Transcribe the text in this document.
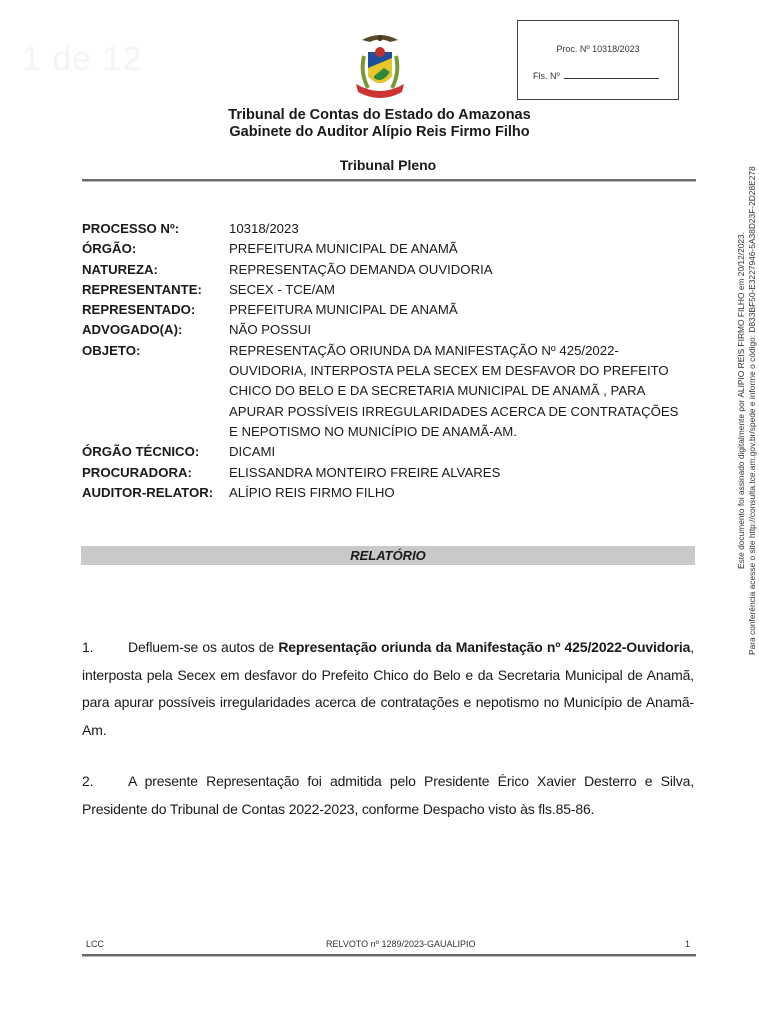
1 de 12	Proc. Nº 10318/2023
Fls. Nº
Tribunal de Contas do Estado do Amazonas
Gabinete do Auditor Alípio Reis Firmo Filho
Tribunal Pleno
PROCESSO Nº:	10318/2023
ÓRGÃO:	PREFEITURA MUNICIPAL DE ANAMÃ
NATUREZA:	REPRESENTAÇÃO DEMANDA OUVIDORIA
REPRESENTANTE:	SECEX - TCE/AM
REPRESENTADO:	PREFEITURA MUNICIPAL DE ANAMÃ
ADVOGADO(A):	NÃO POSSUI
OBJETO:	REPRESENTAÇÃO ORIUNDA DA MANIFESTAÇÃO Nº 425/2022-OUVIDORIA, INTERPOSTA PELA SECEX EM DESFAVOR DO PREFEITO CHICO DO BELO E DA SECRETARIA MUNICIPAL DE ANAMÃ , PARA APURAR POSSÍVEIS IRREGULARIDADES ACERCA DE CONTRATAÇÕES E NEPOTISMO NO MUNICÍPIO DE ANAMÃ-AM.
ÓRGÃO TÉCNICO:	DICAMI
PROCURADORA:	ELISSANDRA MONTEIRO FREIRE ALVARES
AUDITOR-RELATOR:	ALÍPIO REIS FIRMO FILHO
RELATÓRIO
1. Defluem-se os autos de Representação oriunda da Manifestação nº 425/2022-Ouvidoria, interposta pela Secex em desfavor do Prefeito Chico do Belo e da Secretaria Municipal de Anamã, para apurar possíveis irregularidades acerca de contratações e nepotismo no Município de Anamã- Am.
2. A presente Representação foi admitida pelo Presidente Érico Xavier Desterro e Silva, Presidente do Tribunal de Contas 2022-2023, conforme Despacho visto às fls.85-86.
LCC	RELVOTO nº 1289/2023-GAUALIPIO	1
Este documento foi assinado digitalmente por ALIPIO REIS FIRMO FILHO em 20/12/2023. Para conferência acesse o site http://consulta.tce.am.gov.br/spede e informe o código: D833BF50-E3227946-5A38D23F-2D28E278
